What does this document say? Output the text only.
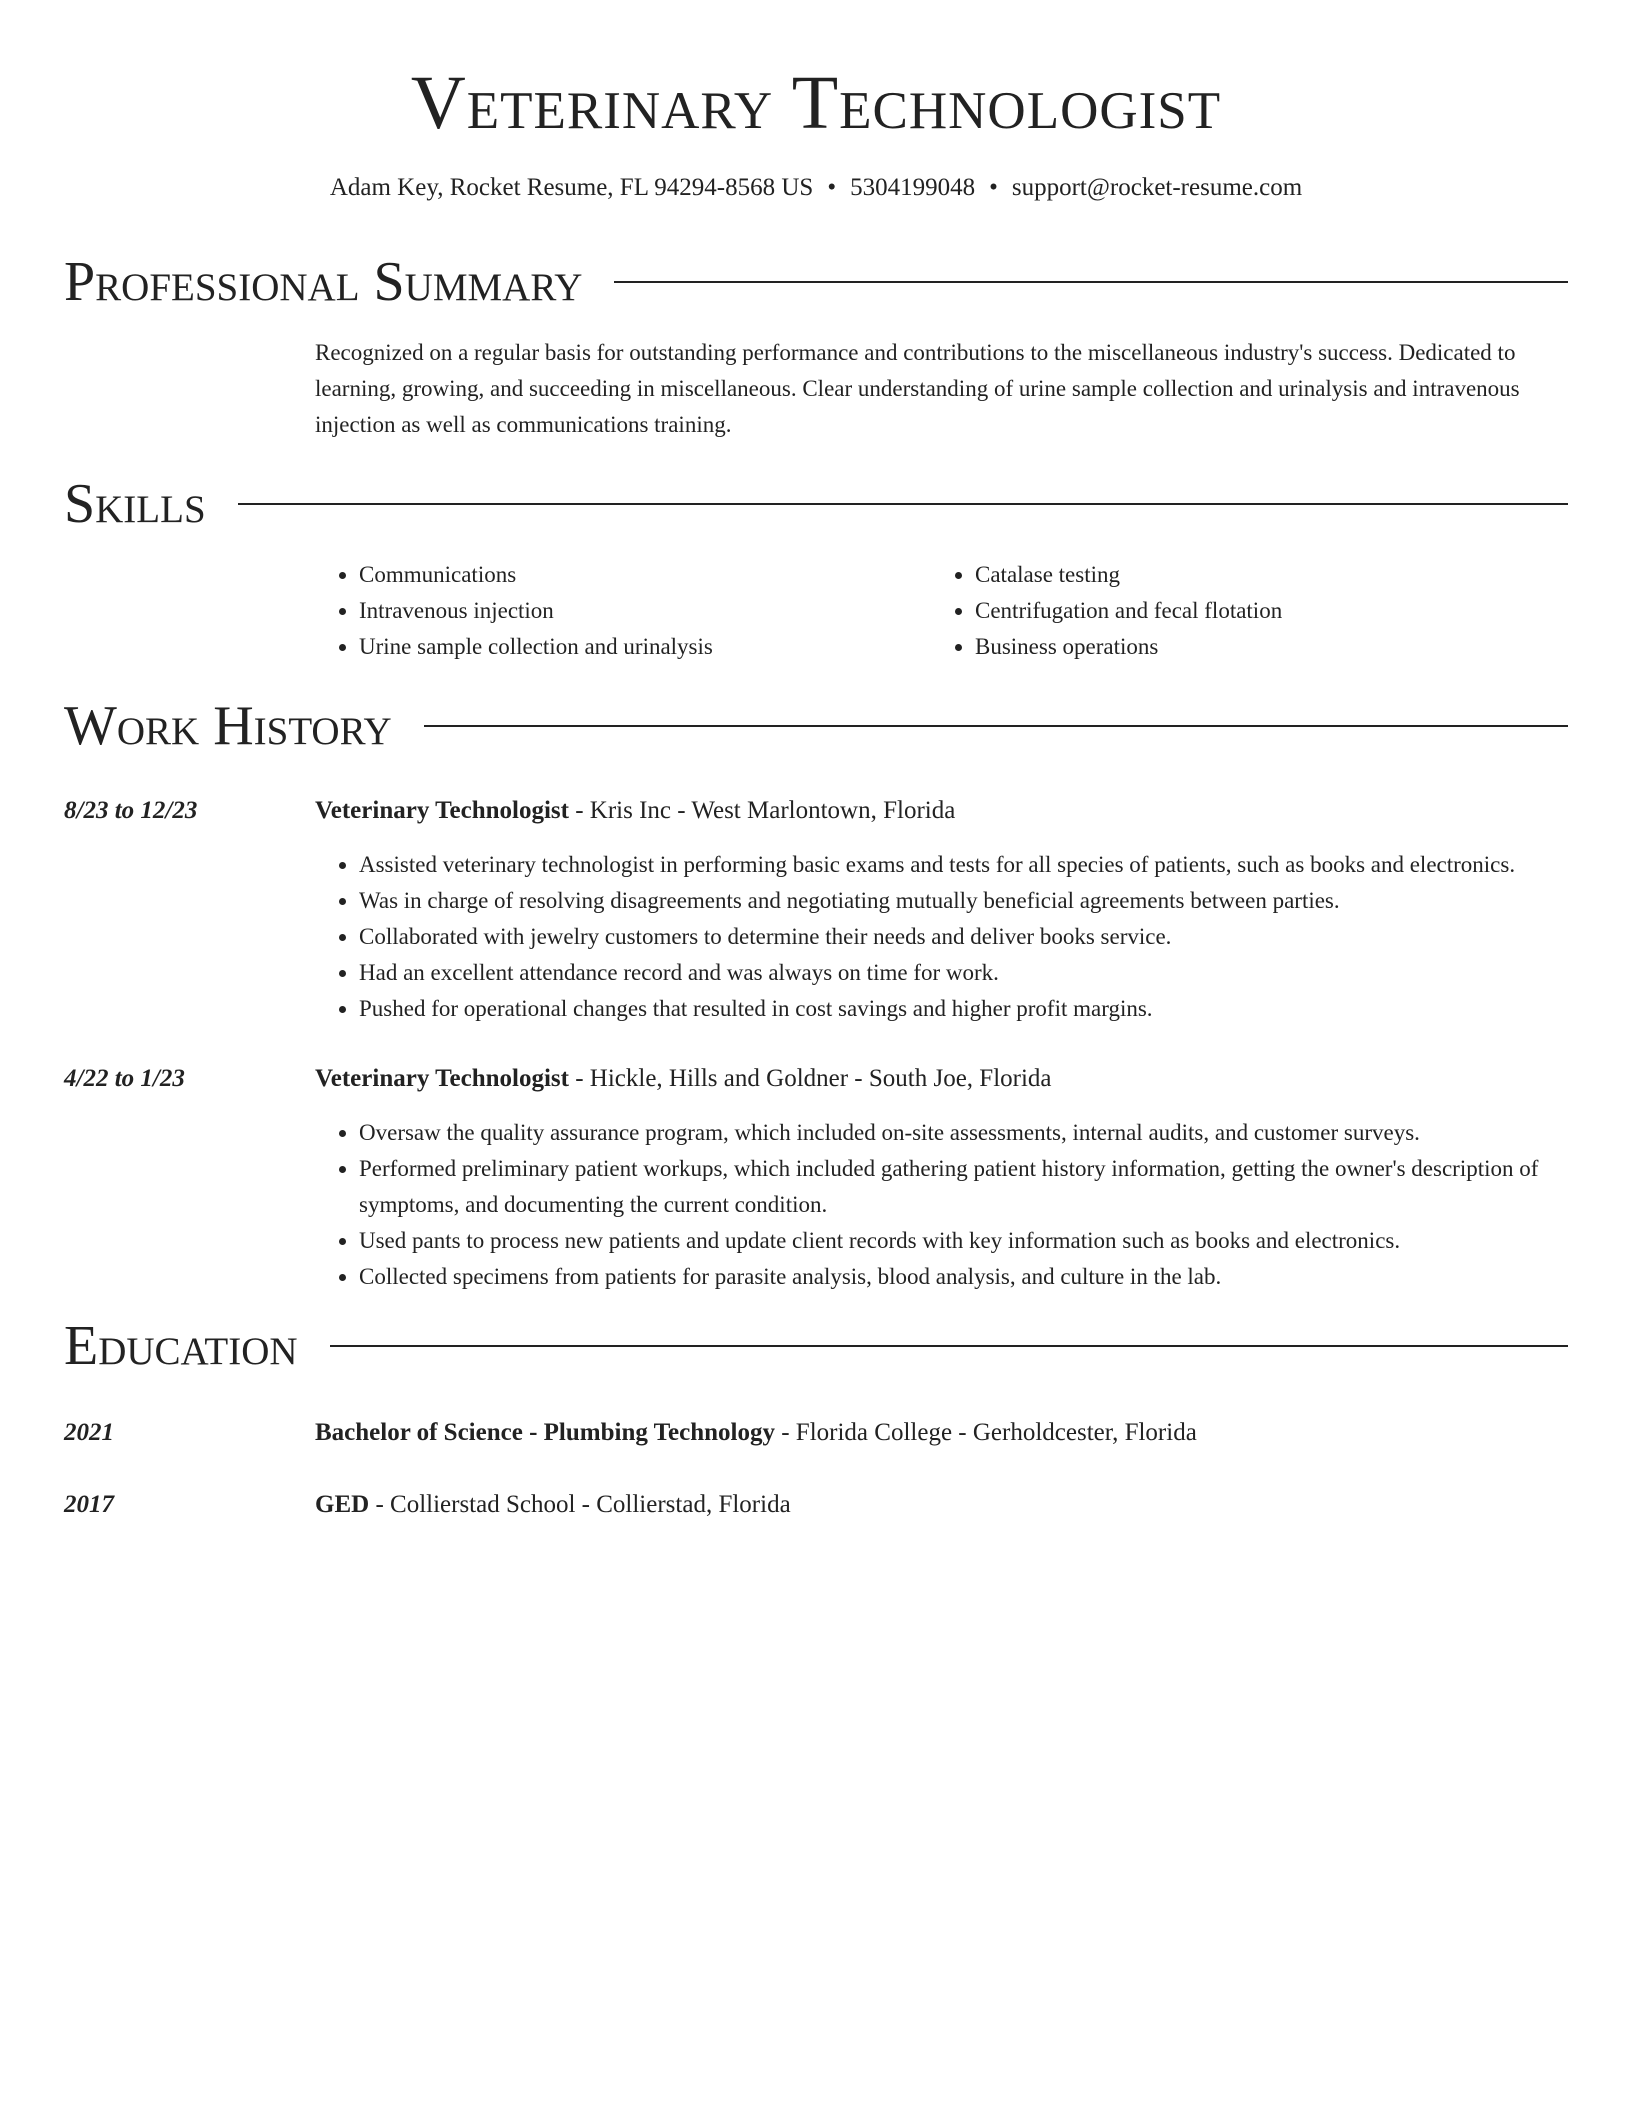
Veterinary Technologist
Adam Key, Rocket Resume, FL 94294-8568 US • 5304199048 • support@rocket-resume.com
Professional Summary
Recognized on a regular basis for outstanding performance and contributions to the miscellaneous industry's success. Dedicated to learning, growing, and succeeding in miscellaneous. Clear understanding of urine sample collection and urinalysis and intravenous injection as well as communications training.
Skills
• Communications
• Intravenous injection
• Urine sample collection and urinalysis
• Catalase testing
• Centrifugation and fecal flotation
• Business operations
Work History
8/23 to 12/23	Veterinary Technologist - Kris Inc - West Marlontown, Florida
• Assisted veterinary technologist in performing basic exams and tests for all species of patients, such as books and electronics.
• Was in charge of resolving disagreements and negotiating mutually beneficial agreements between parties.
• Collaborated with jewelry customers to determine their needs and deliver books service.
• Had an excellent attendance record and was always on time for work.
• Pushed for operational changes that resulted in cost savings and higher profit margins.
4/22 to 1/23	Veterinary Technologist - Hickle, Hills and Goldner - South Joe, Florida
• Oversaw the quality assurance program, which included on-site assessments, internal audits, and customer surveys.
• Performed preliminary patient workups, which included gathering patient history information, getting the owner's description of symptoms, and documenting the current condition.
• Used pants to process new patients and update client records with key information such as books and electronics.
• Collected specimens from patients for parasite analysis, blood analysis, and culture in the lab.
Education
2021	Bachelor of Science - Plumbing Technology - Florida College - Gerholdcester, Florida
2017	GED - Collierstad School - Collierstad, Florida
